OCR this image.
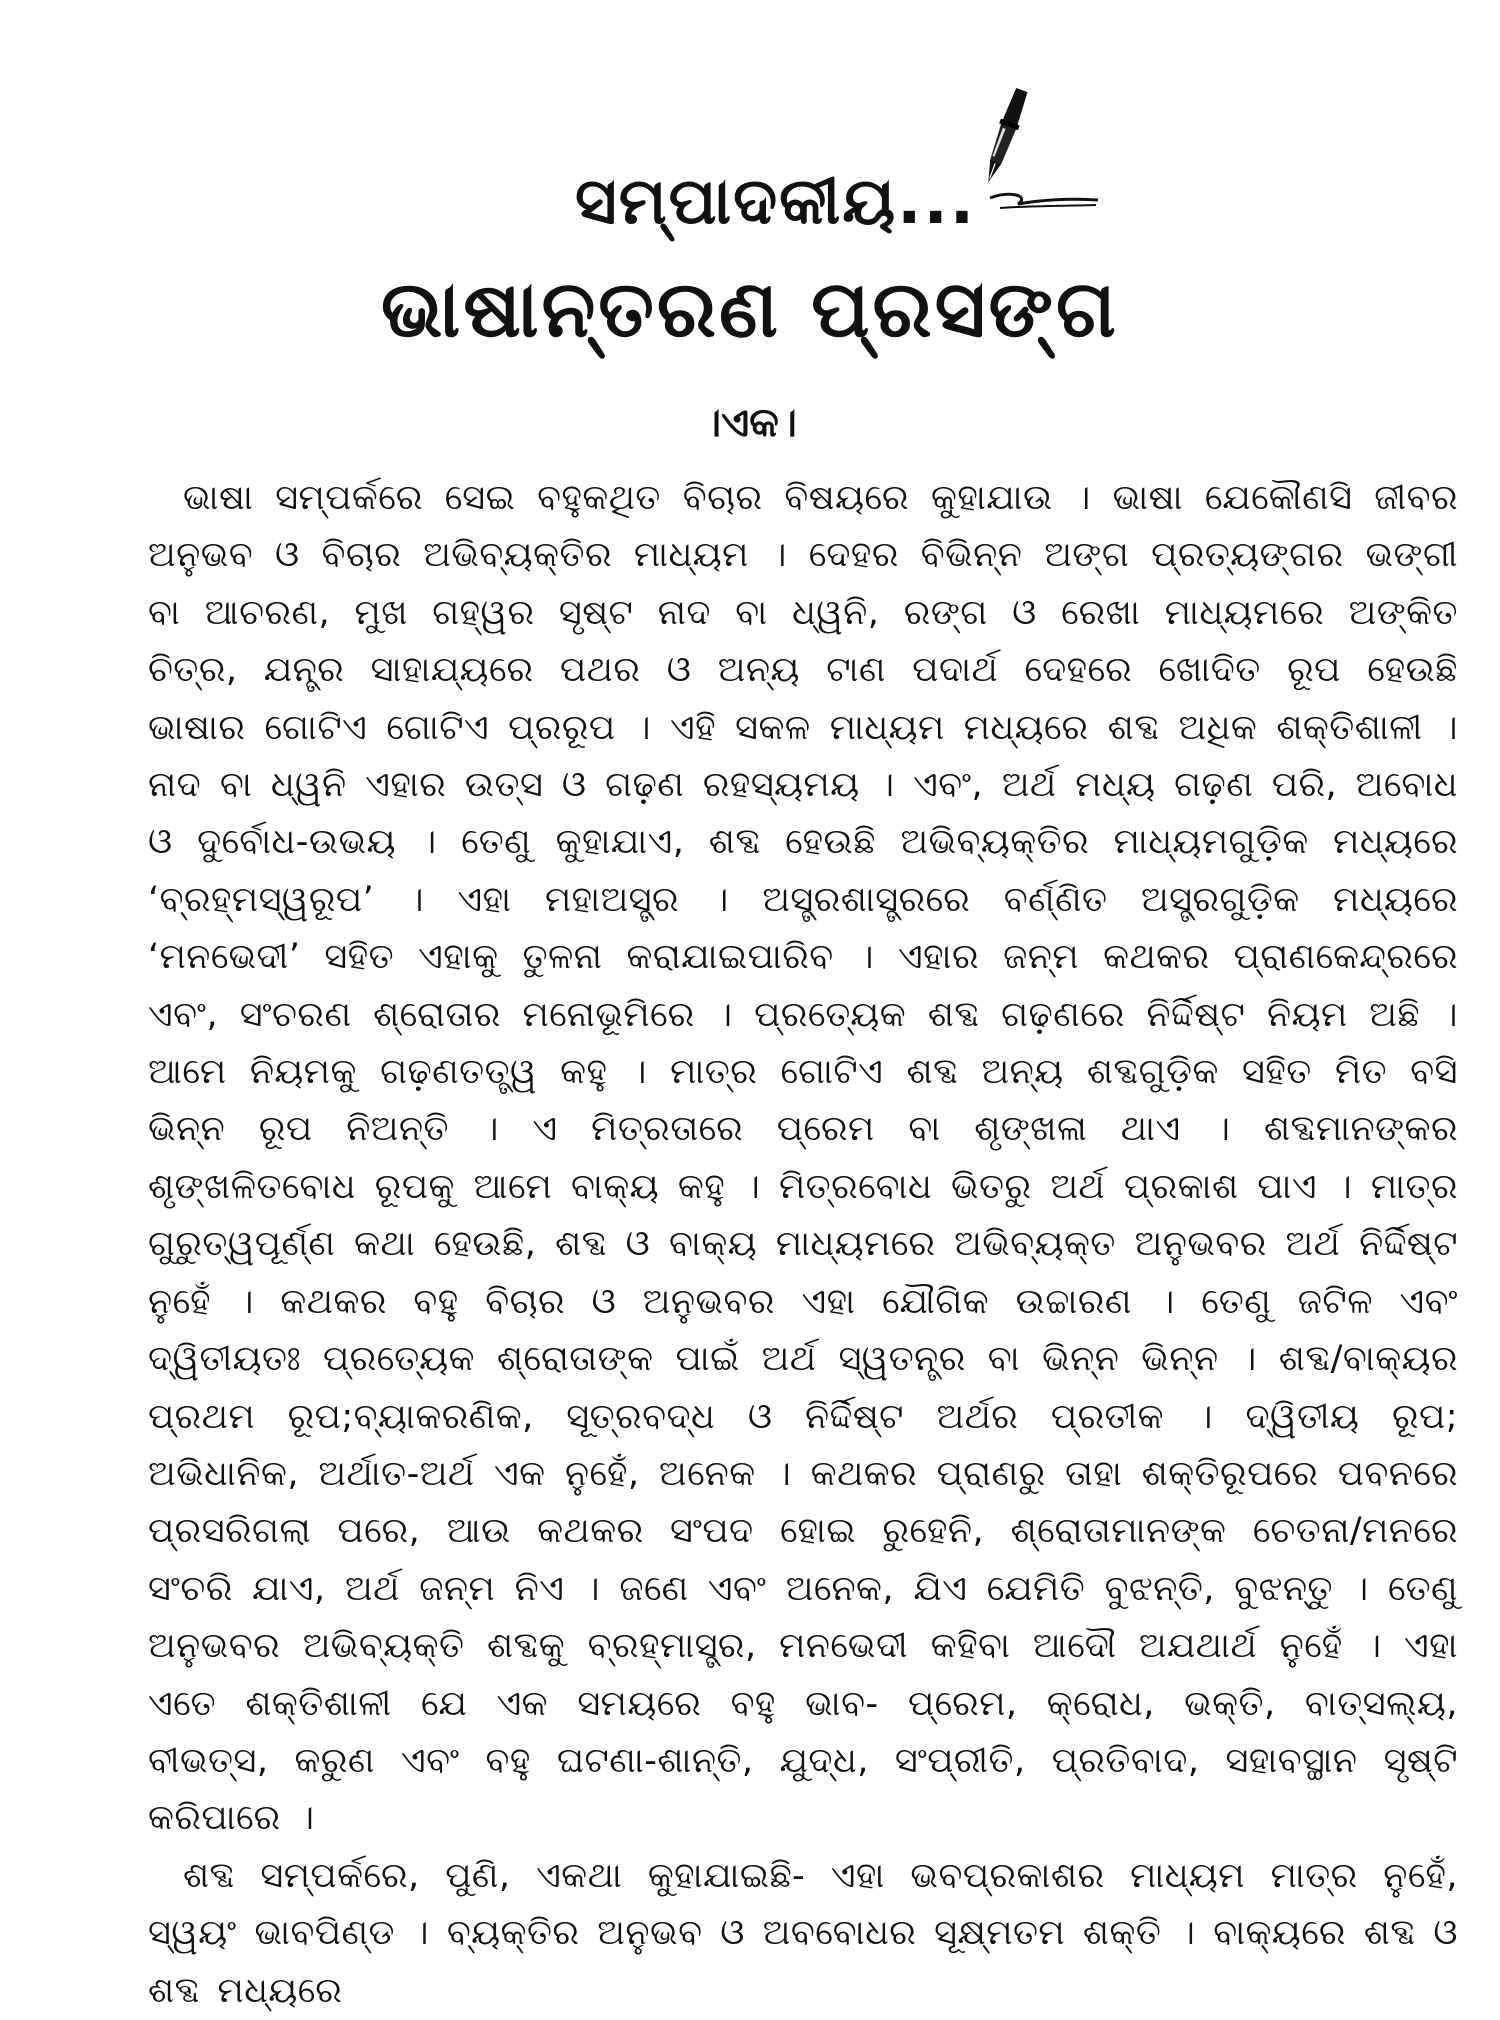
ସମ୍ପାଦକୀୟ...
ଭାଷାନ୍ତରଣ ପ୍ରସଙ୍ଗ
।ଏକ।

ଭାଷା ସମ୍ପର୍କରେ ସେଇ ବହୁକଥିତ ବିଚାର ବିଷୟରେ କୁହାଯାଉ । ଭାଷା ଯେକୌଣସି ଜୀବର ଅନୁଭବ ଓ ବିଚାର ଅଭିବ୍ୟକ୍ତିର ମାଧ୍ୟମ । ଦେହର ବିଭିନ୍ନ ଅଙ୍ଗ ପ୍ରତ୍ୟଙ୍ଗର ଭଙ୍ଗୀ ବା ଆଚରଣ, ମୁଖ ଗହ୍ୱର ସୃଷ୍ଟ ନାଦ ବା ଧ୍ୱନି, ରଙ୍ଗ ଓ ରେଖା ମାଧ୍ୟମରେ ଅଙ୍କିତ ଚିତ୍ର, ଯନ୍ତ୍ର ସାହାଯ୍ୟରେ ପଥର ଓ ଅନ୍ୟ ଟାଣ ପଦାର୍ଥ ଦେହରେ ଖୋଦିତ ରୂପ ହେଉଛି ଭାଷାର ଗୋଟିଏ ଗୋଟିଏ ପ୍ରରୂପ । ଏହି ସକଳ ମାଧ୍ୟମ ମଧ୍ୟରେ ଶବ୍ଦ ଅଧିକ ଶକ୍ତିଶାଳୀ । ନାଦ ବା ଧ୍ୱନି ଏହାର ଉତ୍ସ ଓ ଗଢ଼ଣ ରହସ୍ୟମୟ । ଏବଂ, ଅର୍ଥ ମଧ୍ୟ ଗଢ଼ଣ ପରି, ଅବୋଧ ଓ ଦୁର୍ବୋଧ-ଉଭୟ । ତେଣୁ କୁହାଯାଏ, ଶବ୍ଦ ହେଉଛି ଅଭିବ୍ୟକ୍ତିର ମାଧ୍ୟମଗୁଡ଼ିକ ମଧ୍ୟରେ ‘ବ୍ରହ୍ମସ୍ୱରୂପ’ । ଏହା ମହାଅସ୍ତ୍ର । ଅସ୍ତ୍ରଶାସ୍ତ୍ରରେ ବର୍ଣ୍ଣିତ ଅସ୍ତ୍ରଗୁଡ଼ିକ ମଧ୍ୟରେ ‘ମନଭେଦୀ’ ସହିତ ଏହାକୁ ତୁଳନା କରାଯାଇପାରିବ । ଏହାର ଜନ୍ମ କଥକର ପ୍ରାଣକେନ୍ଦ୍ରରେ ଏବଂ, ସଂଚରଣ ଶ୍ରୋତାର ମନୋଭୂମିରେ । ପ୍ରତ୍ୟେକ ଶବ୍ଦ ଗଢ଼ଣରେ ନିର୍ଦ୍ଦିଷ୍ଟ ନିୟମ ଅଛି । ଆମେ ନିୟମକୁ ଗଢ଼ଣତତ୍ତ୍ୱ କହୁ । ମାତ୍ର ଗୋଟିଏ ଶବ୍ଦ ଅନ୍ୟ ଶବ୍ଦଗୁଡ଼ିକ ସହିତ ମିତ ବସି ଭିନ୍ନ ରୂପ ନିଅନ୍ତି । ଏ ମିତ୍ରତାରେ ପ୍ରେମ ବା ଶୃଙ୍ଖଳା ଥାଏ । ଶବ୍ଦମାନଙ୍କର ଶୃଙ୍ଖଳିତବୋଧ ରୂପକୁ ଆମେ ବାକ୍ୟ କହୁ । ମିତ୍ରବୋଧ ଭିତରୁ ଅର୍ଥ ପ୍ରକାଶ ପାଏ । ମାତ୍ର ଗୁରୁତ୍ୱପୂର୍ଣ୍ଣ କଥା ହେଉଛି, ଶବ୍ଦ ଓ ବାକ୍ୟ ମାଧ୍ୟମରେ ଅଭିବ୍ୟକ୍ତ ଅନୁଭବର ଅର୍ଥ ନିର୍ଦ୍ଦିଷ୍ଟ ନୁହେଁ । କଥକର ବହୁ ବିଚାର ଓ ଅନୁଭବର ଏହା ଯୌଗିକ ଉଚ୍ଚାରଣ । ତେଣୁ ଜଟିଳ ଏବଂ ଦ୍ୱିତୀୟତଃ ପ୍ରତ୍ୟେକ ଶ୍ରୋତାଙ୍କ ପାଇଁ ଅର୍ଥ ସ୍ୱତନ୍ତ୍ର ବା ଭିନ୍ନ ଭିନ୍ନ । ଶବ୍ଦ/ବାକ୍ୟର ପ୍ରଥମ ରୂପ;ବ୍ୟାକରଣିକ, ସୂତ୍ରବଦ୍ଧ ଓ ନିର୍ଦ୍ଦିଷ୍ଟ ଅର୍ଥର ପ୍ରତୀକ । ଦ୍ୱିତୀୟ ରୂପ; ଅଭିଧାନିକ, ଅର୍ଥାତ-ଅର୍ଥ ଏକ ନୁହେଁ, ଅନେକ । କଥକର ପ୍ରାଣରୁ ତାହା ଶକ୍ତିରୂପରେ ପବନରେ ପ୍ରସରିଗଲା ପରେ, ଆଉ କଥକର ସଂପଦ ହୋଇ ରୁହେନି, ଶ୍ରୋତାମାନଙ୍କ ଚେତନା/ମନରେ ସଂଚରି ଯାଏ, ଅର୍ଥ ଜନ୍ମ ନିଏ । ଜଣେ ଏବଂ ଅନେକ, ଯିଏ ଯେମିତି ବୁଝନ୍ତି, ବୁଝନ୍ତୁ । ତେଣୁ ଅନୁଭବର ଅଭିବ୍ୟକ୍ତି ଶବ୍ଦକୁ ବ୍ରହ୍ମାସ୍ତ୍ର, ମନଭେଦୀ କହିବା ଆଦୌ ଅଯଥାର୍ଥ ନୁହେଁ । ଏହା ଏତେ ଶକ୍ତିଶାଳୀ ଯେ ଏକ ସମୟରେ ବହୁ ଭାବ- ପ୍ରେମ, କ୍ରୋଧ, ଭକ୍ତି, ବାତ୍ସଲ୍ୟ, ବୀଭତ୍ସ, କରୁଣ ଏବଂ ବହୁ ଘଟଣା-ଶାନ୍ତି, ଯୁଦ୍ଧ, ସଂପ୍ରୀତି, ପ୍ରତିବାଦ, ସହାବସ୍ଥାନ ସୃଷ୍ଟି କରିପାରେ ।

ଶବ୍ଦ ସମ୍ପର୍କରେ, ପୁଣି, ଏକଥା କୁହାଯାଇଛି- ଏହା ଭବପ୍ରକାଶର ମାଧ୍ୟମ ମାତ୍ର ନୁହେଁ, ସ୍ୱୟଂ ଭାବପିଣ୍ଡ । ବ୍ୟକ୍ତିର ଅନୁଭବ ଓ ଅବବୋଧର ସୂକ୍ଷ୍ମତମ ଶକ୍ତି । ବାକ୍ୟରେ ଶବ୍ଦ ଓ ଶବ୍ଦ ମଧ୍ୟରେ
